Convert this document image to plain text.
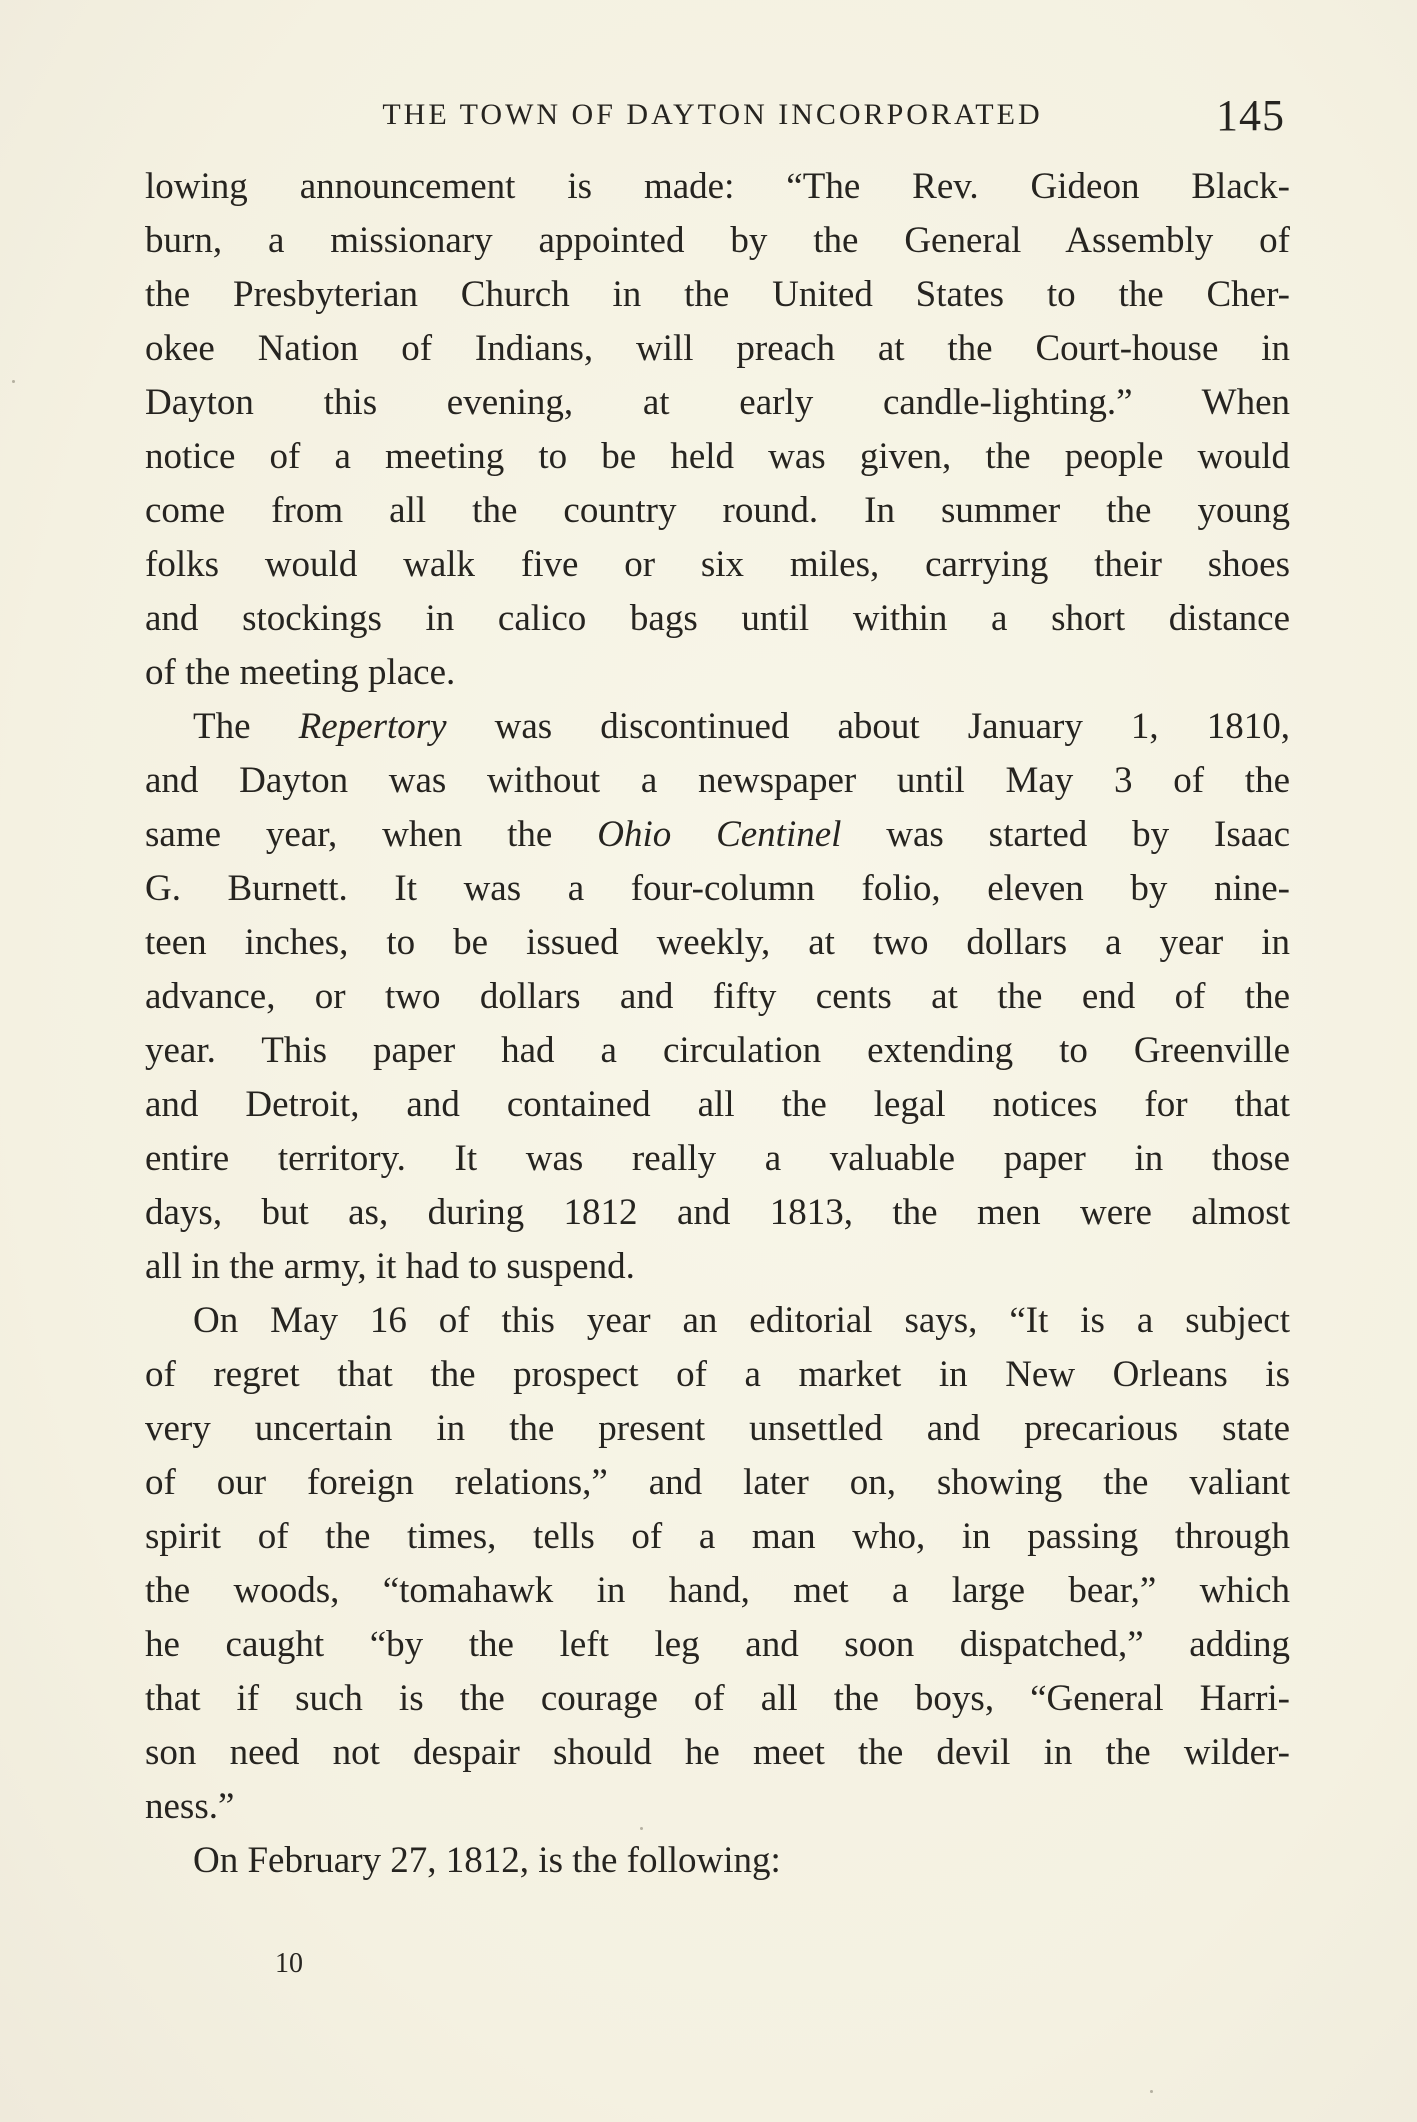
THE TOWN OF DAYTON INCORPORATED	145
lowing announcement is made: “The Rev. Gideon Black-
burn, a missionary appointed by the General Assembly of
the Presbyterian Church in the United States to the Cher-
okee Nation of Indians, will preach at the Court-house in
Dayton this evening, at early candle-lighting.” When
notice of a meeting to be held was given, the people would
come from all the country round. In summer the young
folks would walk five or six miles, carrying their shoes
and stockings in calico bags until within a short distance
of the meeting place.
The Repertory was discontinued about January 1, 1810,
and Dayton was without a newspaper until May 3 of the
same year, when the Ohio Centinel was started by Isaac
G. Burnett. It was a four-column folio, eleven by nine-
teen inches, to be issued weekly, at two dollars a year in
advance, or two dollars and fifty cents at the end of the
year. This paper had a circulation extending to Greenville
and Detroit, and contained all the legal notices for that
entire territory. It was really a valuable paper in those
days, but as, during 1812 and 1813, the men were almost
all in the army, it had to suspend.
On May 16 of this year an editorial says, “It is a subject
of regret that the prospect of a market in New Orleans is
very uncertain in the present unsettled and precarious state
of our foreign relations,” and later on, showing the valiant
spirit of the times, tells of a man who, in passing through
the woods, “tomahawk in hand, met a large bear,” which
he caught “by the left leg and soon dispatched,” adding
that if such is the courage of all the boys, “General Harri-
son need not despair should he meet the devil in the wilder-
ness.”
On February 27, 1812, is the following:
10
